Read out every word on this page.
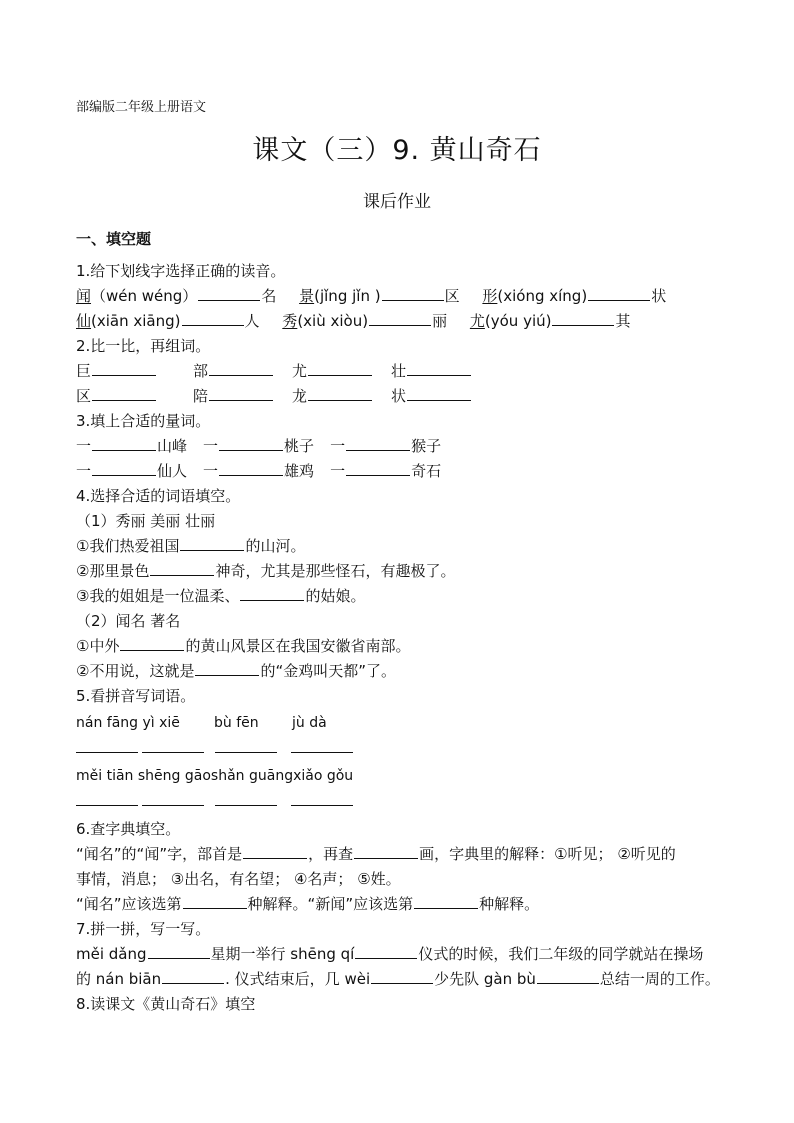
部编版二年级上册语文
课文（三）9. 黄山奇石
课后作业
一、填空题
1.给下划线字选择正确的读音。
闻（wén wéng）	名 景(jǐng jǐn )	区 形(xióng xíng)	状
仙(xiān xiāng)	人 秀(xiù xiòu)	丽 尤(yóu yiú)	其
2.比一比，再组词。
巨	部	尤	壮
区	陪	龙	状
3.填上合适的量词。
一	山峰 一	桃子 一	猴子
一	仙人 一	雄鸡 一	奇石
4.选择合适的词语填空。
（1）秀丽 美丽 壮丽
①我们热爱祖国	的山河。
②那里景色	神奇，尤其是那些怪石，有趣极了。
③我的姐姐是一位温柔、	的姑娘。
（2）闻名 著名
①中外	的黄山风景区在我国安徽省南部。
②不用说，这就是	的“金鸡叫天都”了。
5.看拼音写词语。
nán fāng yì xiē bù fēn jù dà

měi tiān shēng gāoshǎn guāngxiǎo gǒu

6.查字典填空。
“闻名”的“闻”字，部首是	，再查	画，字典里的解释：①听见； ②听见的
事情，消息； ③出名，有名望； ④名声； ⑤姓。
“闻名”应该选第	种解释。“新闻”应该选第	种解释。
7.拼一拼，写一写。
měi dǎng	星期一举行 shēng qí	仪式的时候，我们二年级的同学就站在操场
的 nán biān	. 仪式结束后，几 wèi	少先队 gàn bù	总结一周的工作。
8.读课文《黄山奇石》填空
